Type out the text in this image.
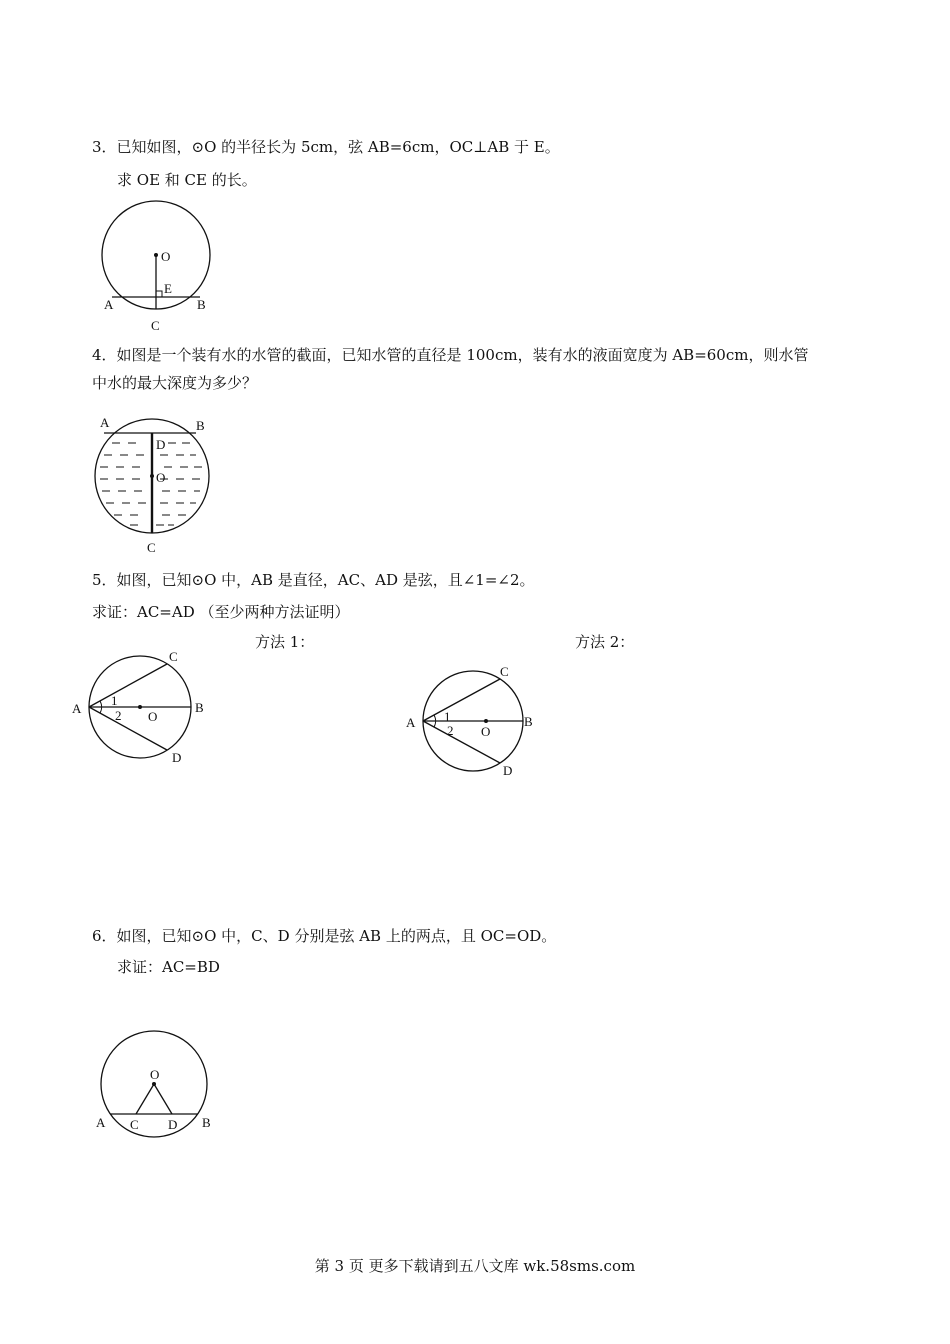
3．已知如图，⊙O 的半径长为 5cm，弦 AB=6cm，OC⊥AB 于 E。
求 OE 和 CE 的长。
O
E
A	B
C
4．如图是一个装有水的水管的截面，已知水管的直径是 100cm，装有水的液面宽度为 AB=60cm，则水管
中水的最大深度为多少？
A	B
D
O
C
5．如图，已知⊙O 中，AB 是直径，AC、AD 是弦，且∠1=∠2。
求证：AC=AD （至少两种方法证明）
方法 1：	方法 2：
A	B
C
D
O
1
2	A	B
C
D
O
1
2
6．如图，已知⊙O 中，C、D 分别是弦 AB 上的两点，且 OC=OD。
求证：AC=BD
O
A C D B
第 3 页 更多下载请到五八文库 wk.58sms.com
